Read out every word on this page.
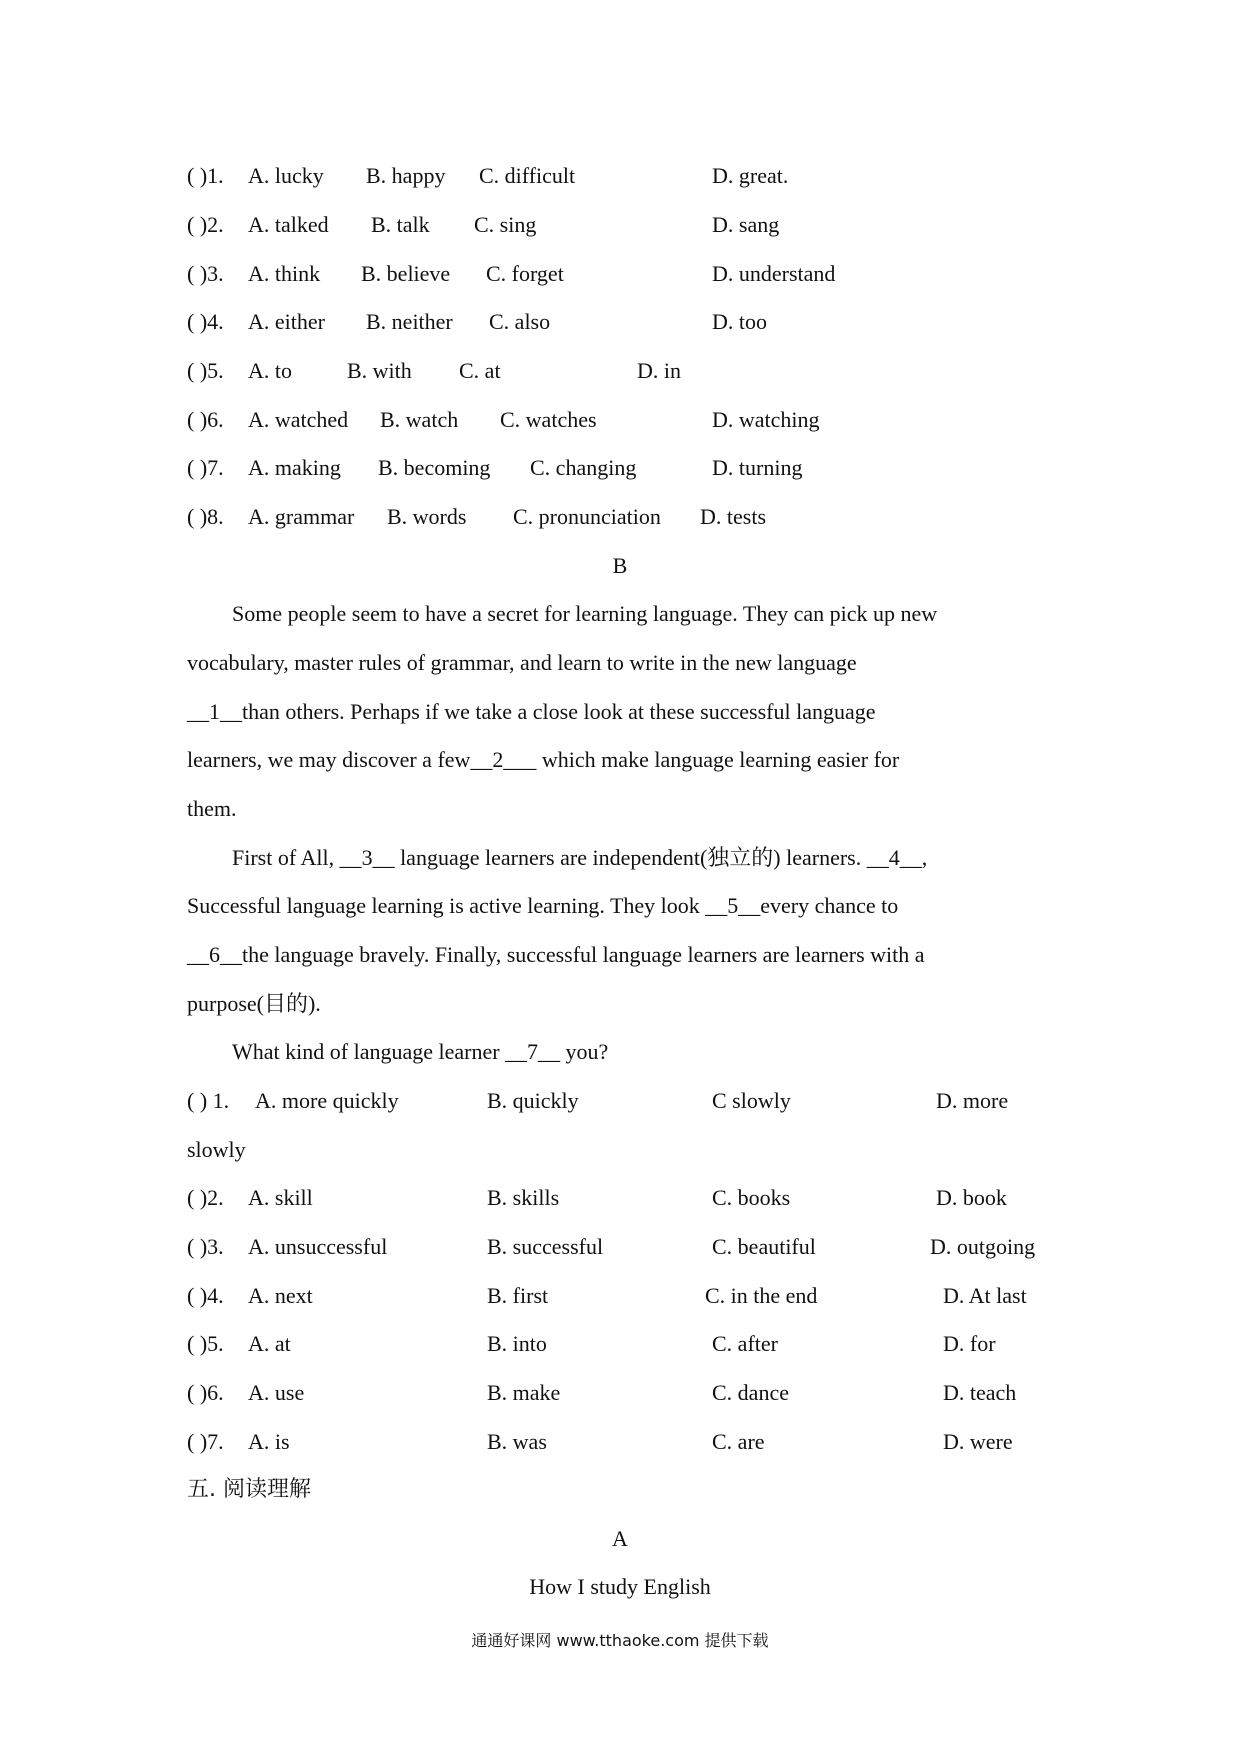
( )1. A. lucky B. happy C. difficult	D. great.
( )2. A. talked B. talk C. sing	D. sang
( )3. A. think B. believe C. forget	D. understand
( )4. A. either B. neither C. also	D. too
( )5. A. to	B. with C. at	D. in
( )6. A. watched B. watch C. watches	D. watching
( )7. A. making B. becoming C. changing	D. turning
( )8. A. grammar B. words C. pronunciation D. tests
B
Some people seem to have a secret for learning language. They can pick up new
vocabulary, master rules of grammar, and learn to write in the new language
__1__than others. Perhaps if we take a close look at these successful language
learners, we may discover a few__2___ which make language learning easier for
them.
First of All, __3__ language learners are independent(独立的) learners. __4__,
Successful language learning is active learning. They look __5__every chance to
__6__the language bravely. Finally, successful language learners are learners with a
purpose(目的).
What kind of language learner __7__ you?
( ) 1. A. more quickly	B. quickly	C slowly	D. more
slowly
( )2. A. skill	B. skills	C. books	D. book
( )3. A. unsuccessful	B. successful	C. beautiful	D. outgoing
( )4. A. next	B. first	C. in the end	D. At last
( )5. A. at	B. into	C. after	D. for
( )6. A. use	B. make	C. dance	D. teach
( )7. A. is	B. was	C. are	D. were
五. 阅读理解
A
How I study English
通通好课网 www.tthaoke.com 提供下载
